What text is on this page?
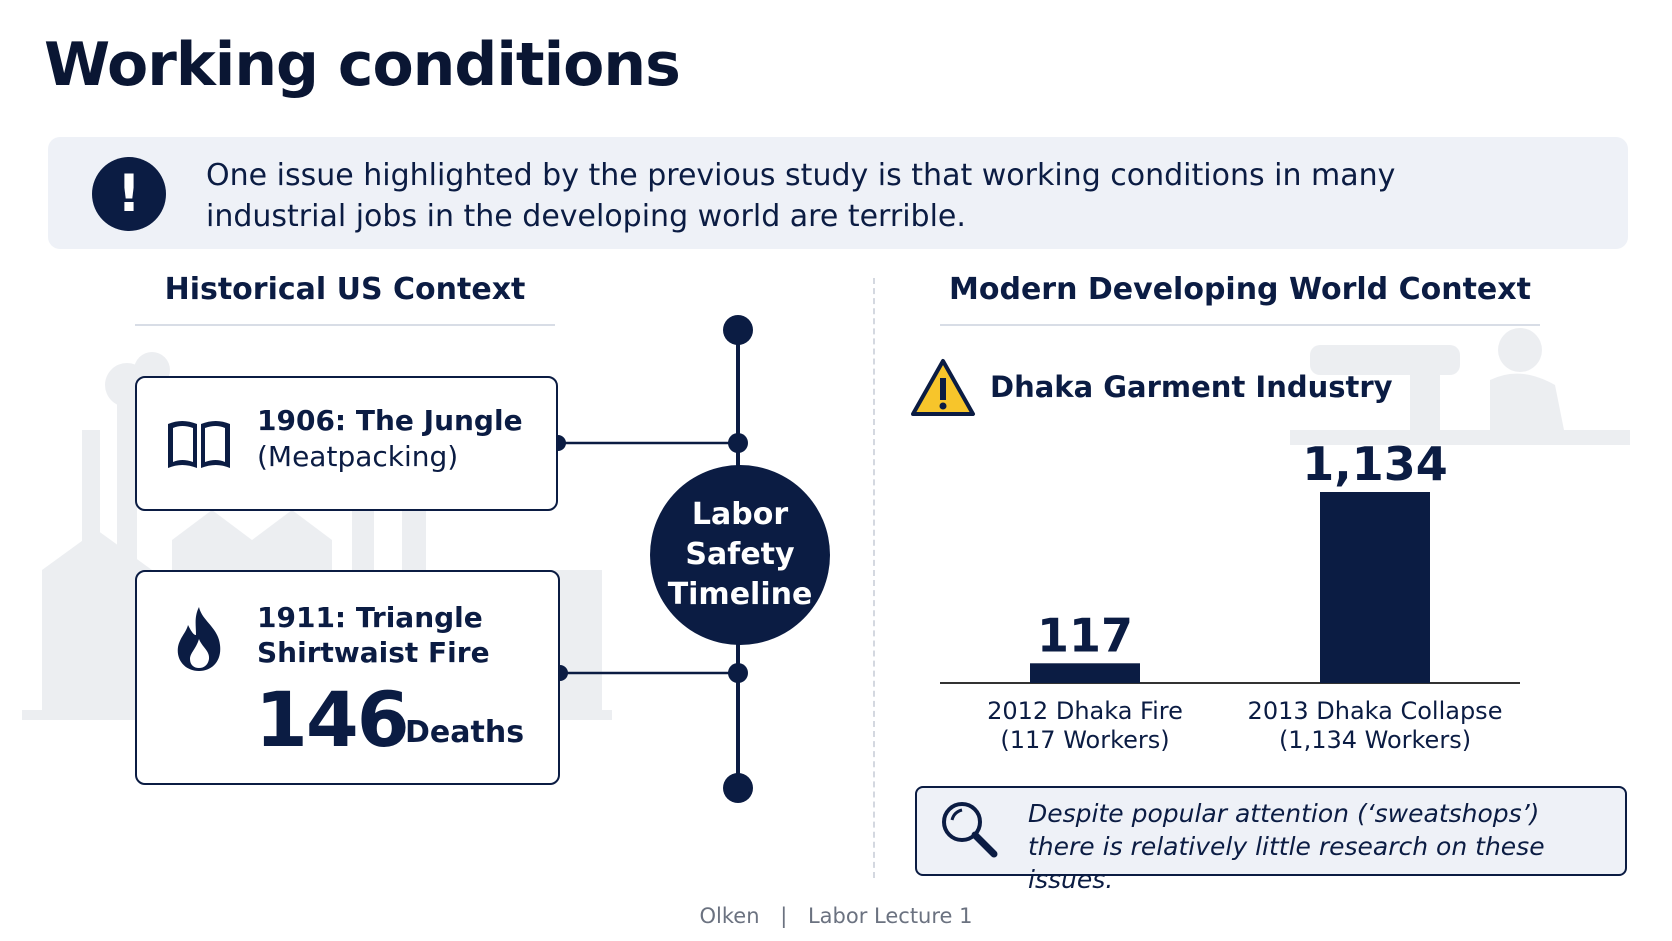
Working conditions
!	One issue highlighted by the previous study is that working conditions in many industrial jobs in the developing world are terrible.
Historical US Context	Modern Developing World Context
1906: The Jungle
(Meatpacking)
1911: Triangle
Shirtwaist Fire
146
Deaths
Labor
Safety
Timeline
Dhaka Garment Industry
117
2012 Dhaka Fire
(117 Workers)
1,134
2013 Dhaka Collapse
(1,134 Workers)
Despite popular attention (‘sweatshops’) there is relatively little research on these issues.
Olken | Labor Lecture 1
